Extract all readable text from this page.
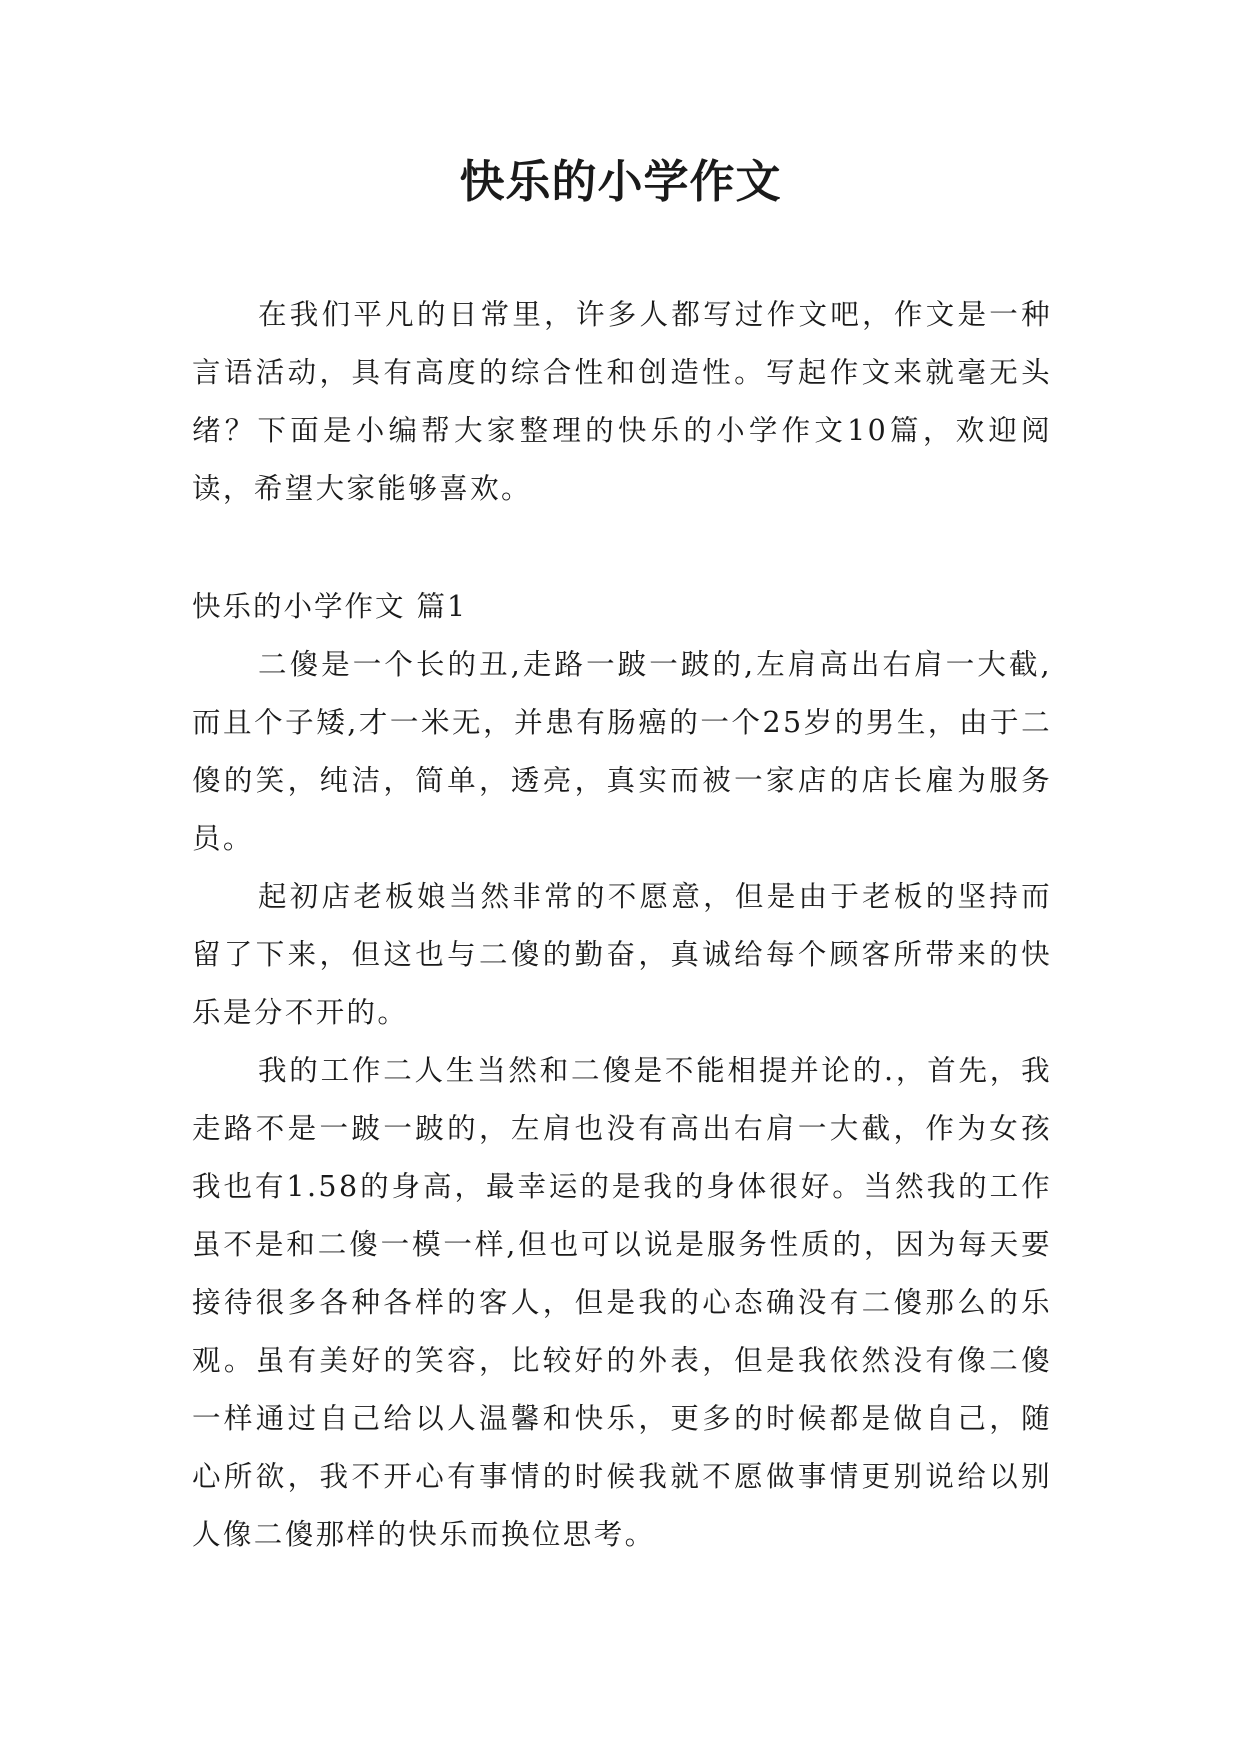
快乐的小学作文

在我们平凡的日常里，许多人都写过作文吧，作文是一种言语活动，具有高度的综合性和创造性。写起作文来就毫无头绪？下面是小编帮大家整理的快乐的小学作文10篇，欢迎阅读，希望大家能够喜欢。

快乐的小学作文 篇1

二傻是一个长的丑,走路一跛一跛的,左肩高出右肩一大截,而且个子矮,才一米无，并患有肠癌的一个25岁的男生，由于二傻的笑，纯洁，简单，透亮，真实而被一家店的店长雇为服务员。

起初店老板娘当然非常的不愿意，但是由于老板的坚持而留了下来，但这也与二傻的勤奋，真诚给每个顾客所带来的快乐是分不开的。

我的工作二人生当然和二傻是不能相提并论的.，首先，我走路不是一跛一跛的，左肩也没有高出右肩一大截，作为女孩我也有1.58的身高，最幸运的是我的身体很好。当然我的工作虽不是和二傻一模一样,但也可以说是服务性质的，因为每天要接待很多各种各样的客人，但是我的心态确没有二傻那么的乐观。虽有美好的笑容，比较好的外表，但是我依然没有像二傻一样通过自己给以人温馨和快乐，更多的时候都是做自己，随心所欲，我不开心有事情的时候我就不愿做事情更别说给以别人像二傻那样的快乐而换位思考。
